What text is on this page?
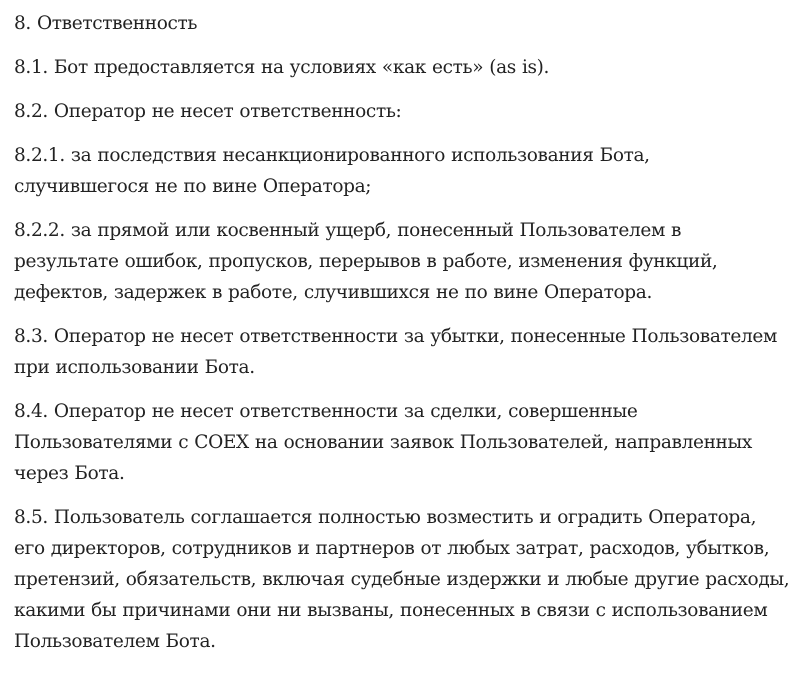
8. Ответственность

8.1. Бот предоставляется на условиях «как есть» (as is).

8.2. Оператор не несет ответственность:

8.2.1. за последствия несанкционированного использования Бота, случившегося не по вине Оператора;

8.2.2. за прямой или косвенный ущерб, понесенный Пользователем в результате ошибок, пропусков, перерывов в работе, изменения функций, дефектов, задержек в работе, случившихся не по вине Оператора.

8.3. Оператор не несет ответственности за убытки, понесенные Пользователем при использовании Бота.

8.4. Оператор не несет ответственности за сделки, совершенные Пользователями с COEX на основании заявок Пользователей, направленных через Бота.

8.5. Пользователь соглашается полностью возместить и оградить Оператора, его директоров, сотрудников и партнеров от любых затрат, расходов, убытков, претензий, обязательств, включая судебные издержки и любые другие расходы, какими бы причинами они ни вызваны, понесенных в связи с использованием Пользователем Бота.
